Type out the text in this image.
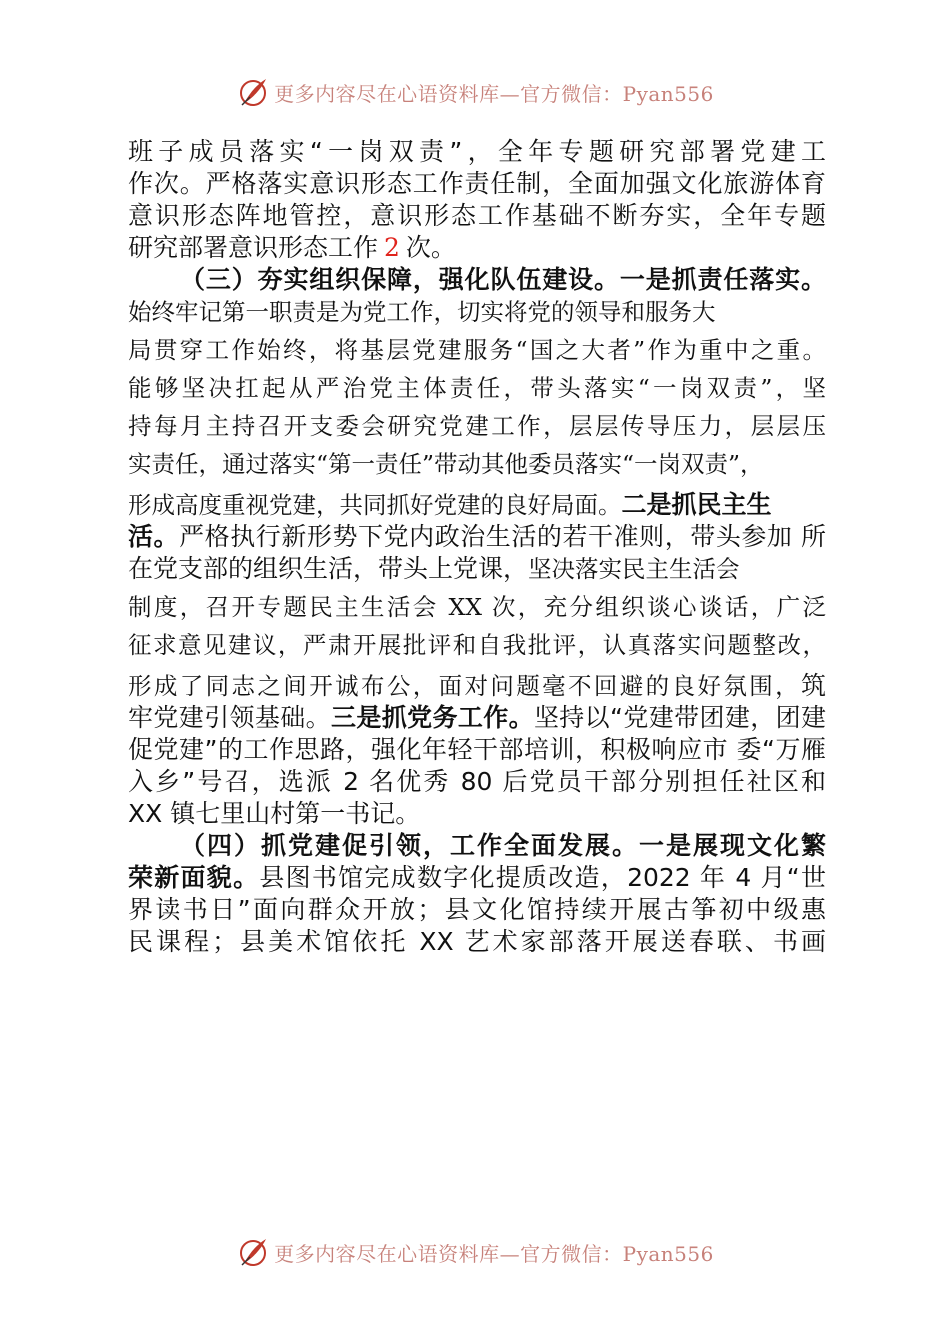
更多内容尽在心语资料库—官方微信：Pyan556
班子成员落实“一岗双责”，全年专题研究部署党建工
作次。严格落实意识形态工作责任制，全面加强文化旅游体育
意识形态阵地管控，意识形态工作基础不断夯实，全年专题
研究部署意识形态工作 2 次。
（三）夯实组织保障，强化队伍建设。一是抓责任落实。
始终牢记第一职责是为党工作，切实将党的领导和服务大
局贯穿工作始终，将基层党建服务“国之大者”作为重中之重。
能够坚决扛起从严治党主体责任，带头落实“一岗双责”，坚
持每月主持召开支委会研究党建工作，层层传导压力，层层压
实责任，通过落实“第一责任”带动其他委员落实“一岗双责”，
形成高度重视党建，共同抓好党建的良好局面。二是抓民主生
活。严格执行新形势下党内政治生活的若干准则，带头参加 所
在党支部的组织生活，带头上党课，坚决落实民主生活会
制度，召开专题民主生活会 XX 次，充分组织谈心谈话，广泛
征求意见建议，严肃开展批评和自我批评，认真落实问题整改，
形成了同志之间开诚布公，面对问题毫不回避的良好氛围，筑
牢党建引领基础。三是抓党务工作。坚持以“党建带团建，团建
促党建”的工作思路，强化年轻干部培训，积极响应市 委“万雁
入乡”号召，选派 2 名优秀 80 后党员干部分别担任社区和
XX 镇七里山村第一书记。
（四）抓党建促引领，工作全面发展。一是展现文化繁
荣新面貌。县图书馆完成数字化提质改造，2022 年 4 月“世
界读书日”面向群众开放；县文化馆持续开展古筝初中级惠
民课程；县美术馆依托 XX 艺术家部落开展送春联、书画
更多内容尽在心语资料库—官方微信：Pyan556
